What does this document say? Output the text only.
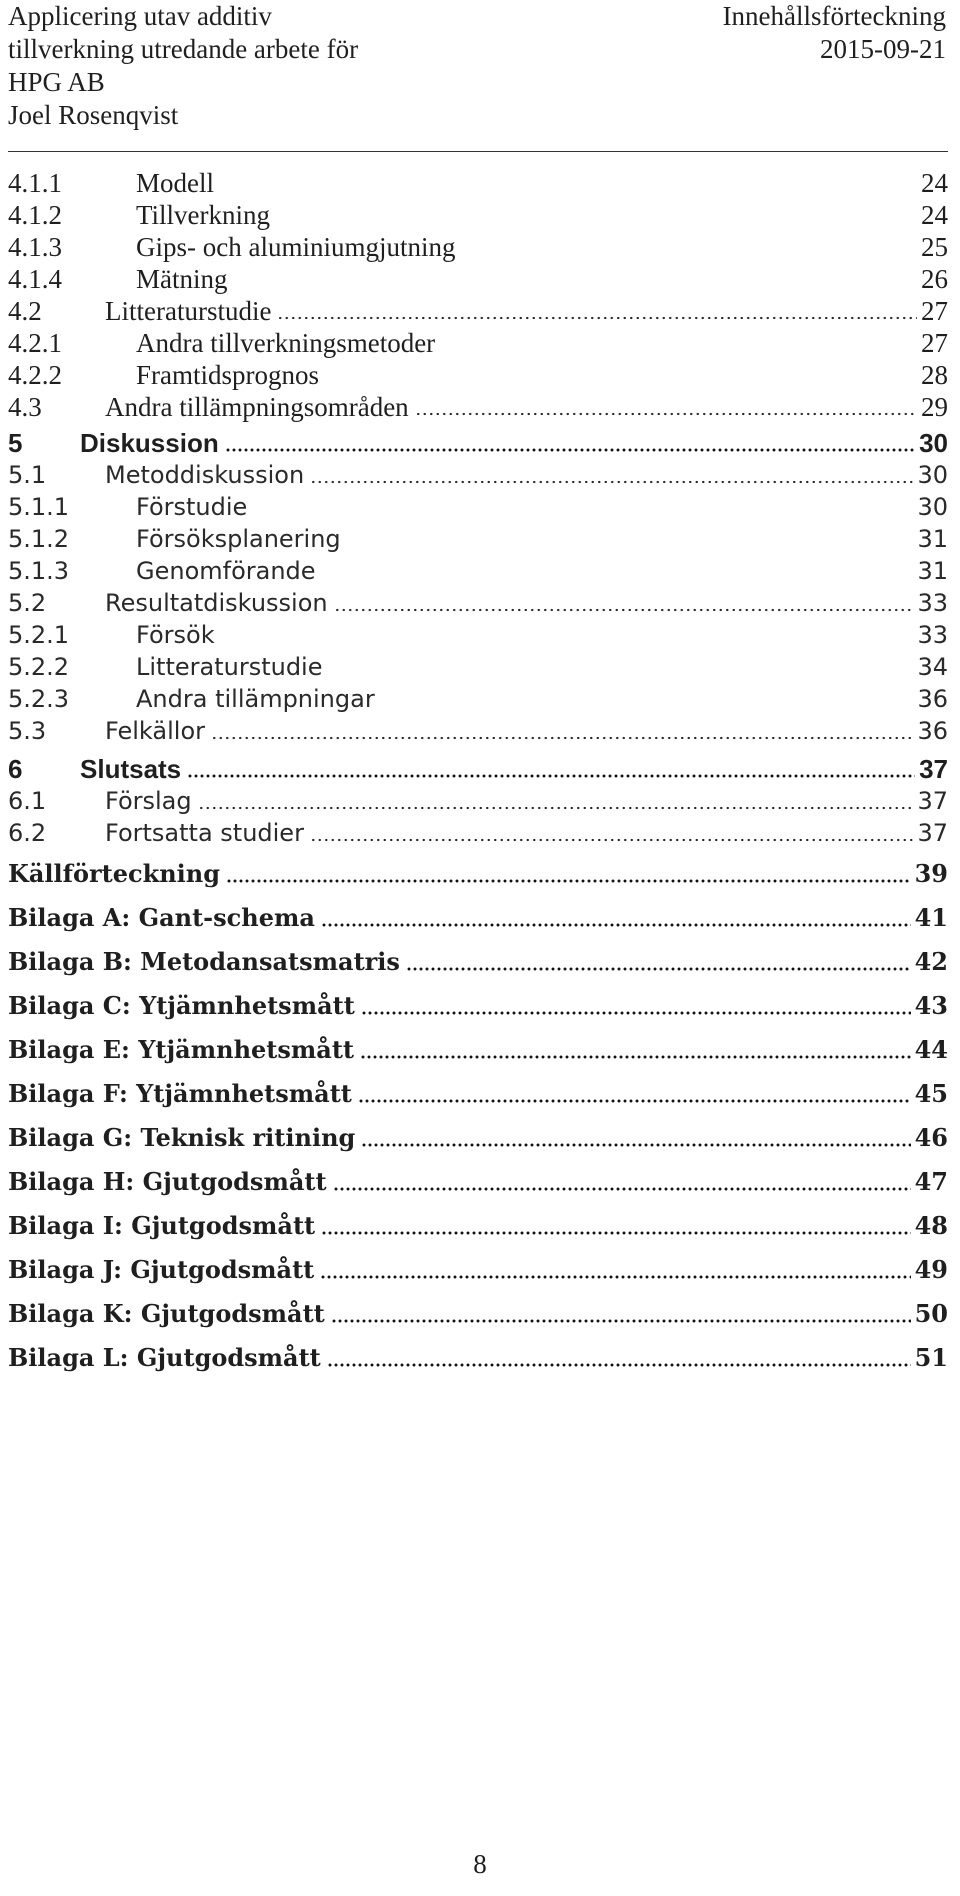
Applicering utav additiv	Innehållsförteckning
tillverkning utredande arbete för	2015-09-21
HPG AB
Joel Rosenqvist
4.1.1	Modell	24
4.1.2	Tillverkning	24
4.1.3	Gips- och aluminiumgjutning	25
4.1.4	Mätning	26
4.2	Litteraturstudie	27
4.2.1	Andra tillverkningsmetoder	27
4.2.2	Framtidsprognos	28
4.3	Andra tillämpningsområden	29
5	Diskussion	30
5.1	Metoddiskussion	30
5.1.1	Förstudie	30
5.1.2	Försöksplanering	31
5.1.3	Genomförande	31
5.2	Resultatdiskussion	33
5.2.1	Försök	33
5.2.2	Litteraturstudie	34
5.2.3	Andra tillämpningar	36
5.3	Felkällor	36
6	Slutsats	37
6.1	Förslag	37
6.2	Fortsatta studier	37
Källförteckning	39
Bilaga A: Gant-schema	41
Bilaga B: Metodansatsmatris	42
Bilaga C: Ytjämnhetsmått	43
Bilaga E: Ytjämnhetsmått	44
Bilaga F: Ytjämnhetsmått	45
Bilaga G: Teknisk ritining	46
Bilaga H: Gjutgodsmått	47
Bilaga I: Gjutgodsmått	48
Bilaga J: Gjutgodsmått	49
Bilaga K: Gjutgodsmått	50
Bilaga L: Gjutgodsmått	51
8
